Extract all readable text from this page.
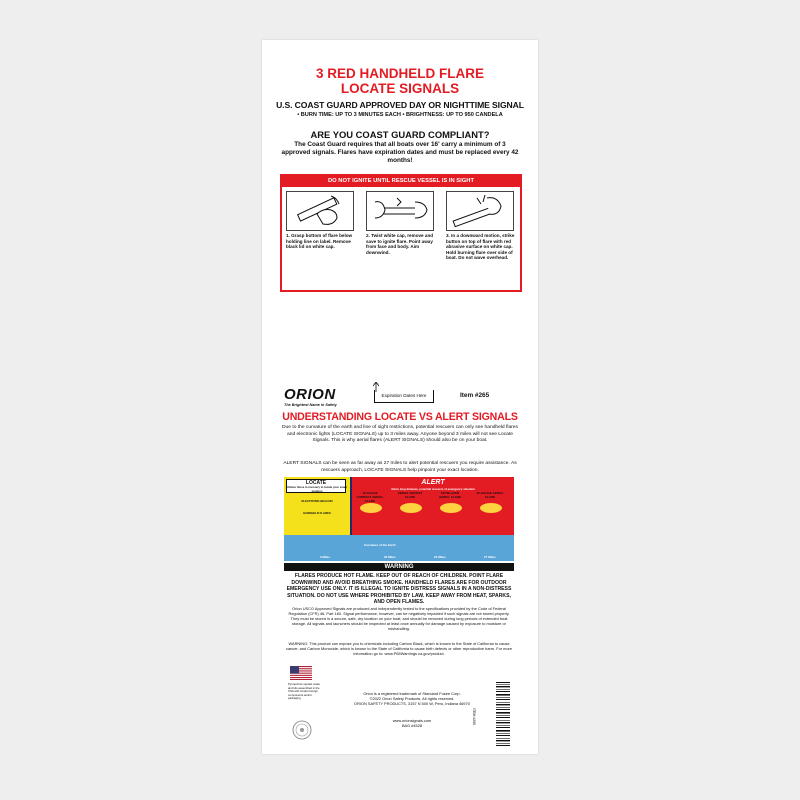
3 RED HANDHELD FLARE
LOCATE SIGNALS
U.S. COAST GUARD APPROVED DAY OR NIGHTTIME SIGNAL
• BURN TIME: UP TO 3 MINUTES EACH • BRIGHTNESS: UP TO 950 CANDELA
ARE YOU COAST GUARD COMPLIANT?
The Coast Guard requires that all boats over 16' carry a minimum of 3 approved signals. Flares have expiration dates and must be replaced every 42 months!
DO NOT IGNITE UNTIL RESCUE VESSEL IS IN SIGHT
1. Grasp bottom of flare below holding line on label. Remove black lid on white cap.
2. Twist white cap, remove and save to ignite flare. Point away from face and body. Aim downwind.
3. In a downward motion, strike button on top of flare with red abrasive surface on white cap. Hold burning flare over side of boat. Do not wave overhead.
ORION
The Brightest Name in Safety
Expiration Dates Here	Item #265
UNDERSTANDING LOCATE VS ALERT SIGNALS
Due to the curvature of the earth and line of sight restrictions, potential rescuers can only see handheld flares and electronic lights (LOCATE SIGNALS) up to 3 miles away. Anyone beyond 3 miles will not see Locate Signals. This is why aerial flares (ALERT SIGNALS) should also be on your boat.
ALERT SIGNALS can be seen as far away as 27 miles to alert potential rescuers you require assistance. As rescuers approach, LOCATE SIGNALS help pinpoint your exact location.
LOCATE
Allows those in recovery to locate your exact position
ELECTRONIC BEACON
HANDHELD FLARES
ALERT
Alerts long distance, potential rescuers of emergency situation
12-GAUGE COMPACT AERIAL FLARE
AERIAL ROCKET FLARE
SKYBLAZER AERIAL FLARE
12-GAUGE AERIAL FLARE
3 Miles	22 Miles	24 Miles	27 Miles
Curvature of the Earth
WARNING
FLARES PRODUCE HOT FLAME. KEEP OUT OF REACH OF CHILDREN. POINT FLARE DOWNWIND AND AVOID BREATHING SMOKE. HANDHELD FLARES ARE FOR OUTDOOR EMERGENCY USE ONLY. IT IS ILLEGAL TO IGNITE DISTRESS SIGNALS IN A NON-DISTRESS SITUATION. DO NOT USE WHERE PROHIBITED BY LAW. KEEP AWAY FROM HEAT, SPARKS, AND OPEN FLAMES.
Orion USCG Approved Signals are produced and independently tested to the specifications provided by the Code of Federal Regulation (CFR) 46, Part 160. Signal performance, however, can be negatively impacted if such signals are not stored properly. They must be stored in a secure, safe, dry location on your boat, and should be removed during long periods of extended boat storage. All signals and launchers should be inspected at least once annually for damage caused by exposure to moisture or mishandling.
WARNING: This product can expose you to chemicals including Carbon Black, which is known to the State of California to cause cancer, and Carbon Monoxide, which is known to the State of California to cause birth defects or other reproductive harm. For more information go to: www.P65Warnings.ca.gov/product.
Pyrotechnic signals made and kits assembled in the USA with certain foreign components and/or packaging
Orion is a registered trademark of Standard Fusee Corp.
©2022 Orion Safety Products. All rights reserved.
ORION SAFETY PRODUCTS, 3157 N 500 W, Peru, Indiana 46970
www.orionsignals.com
BAG #4528
ITEM #265
